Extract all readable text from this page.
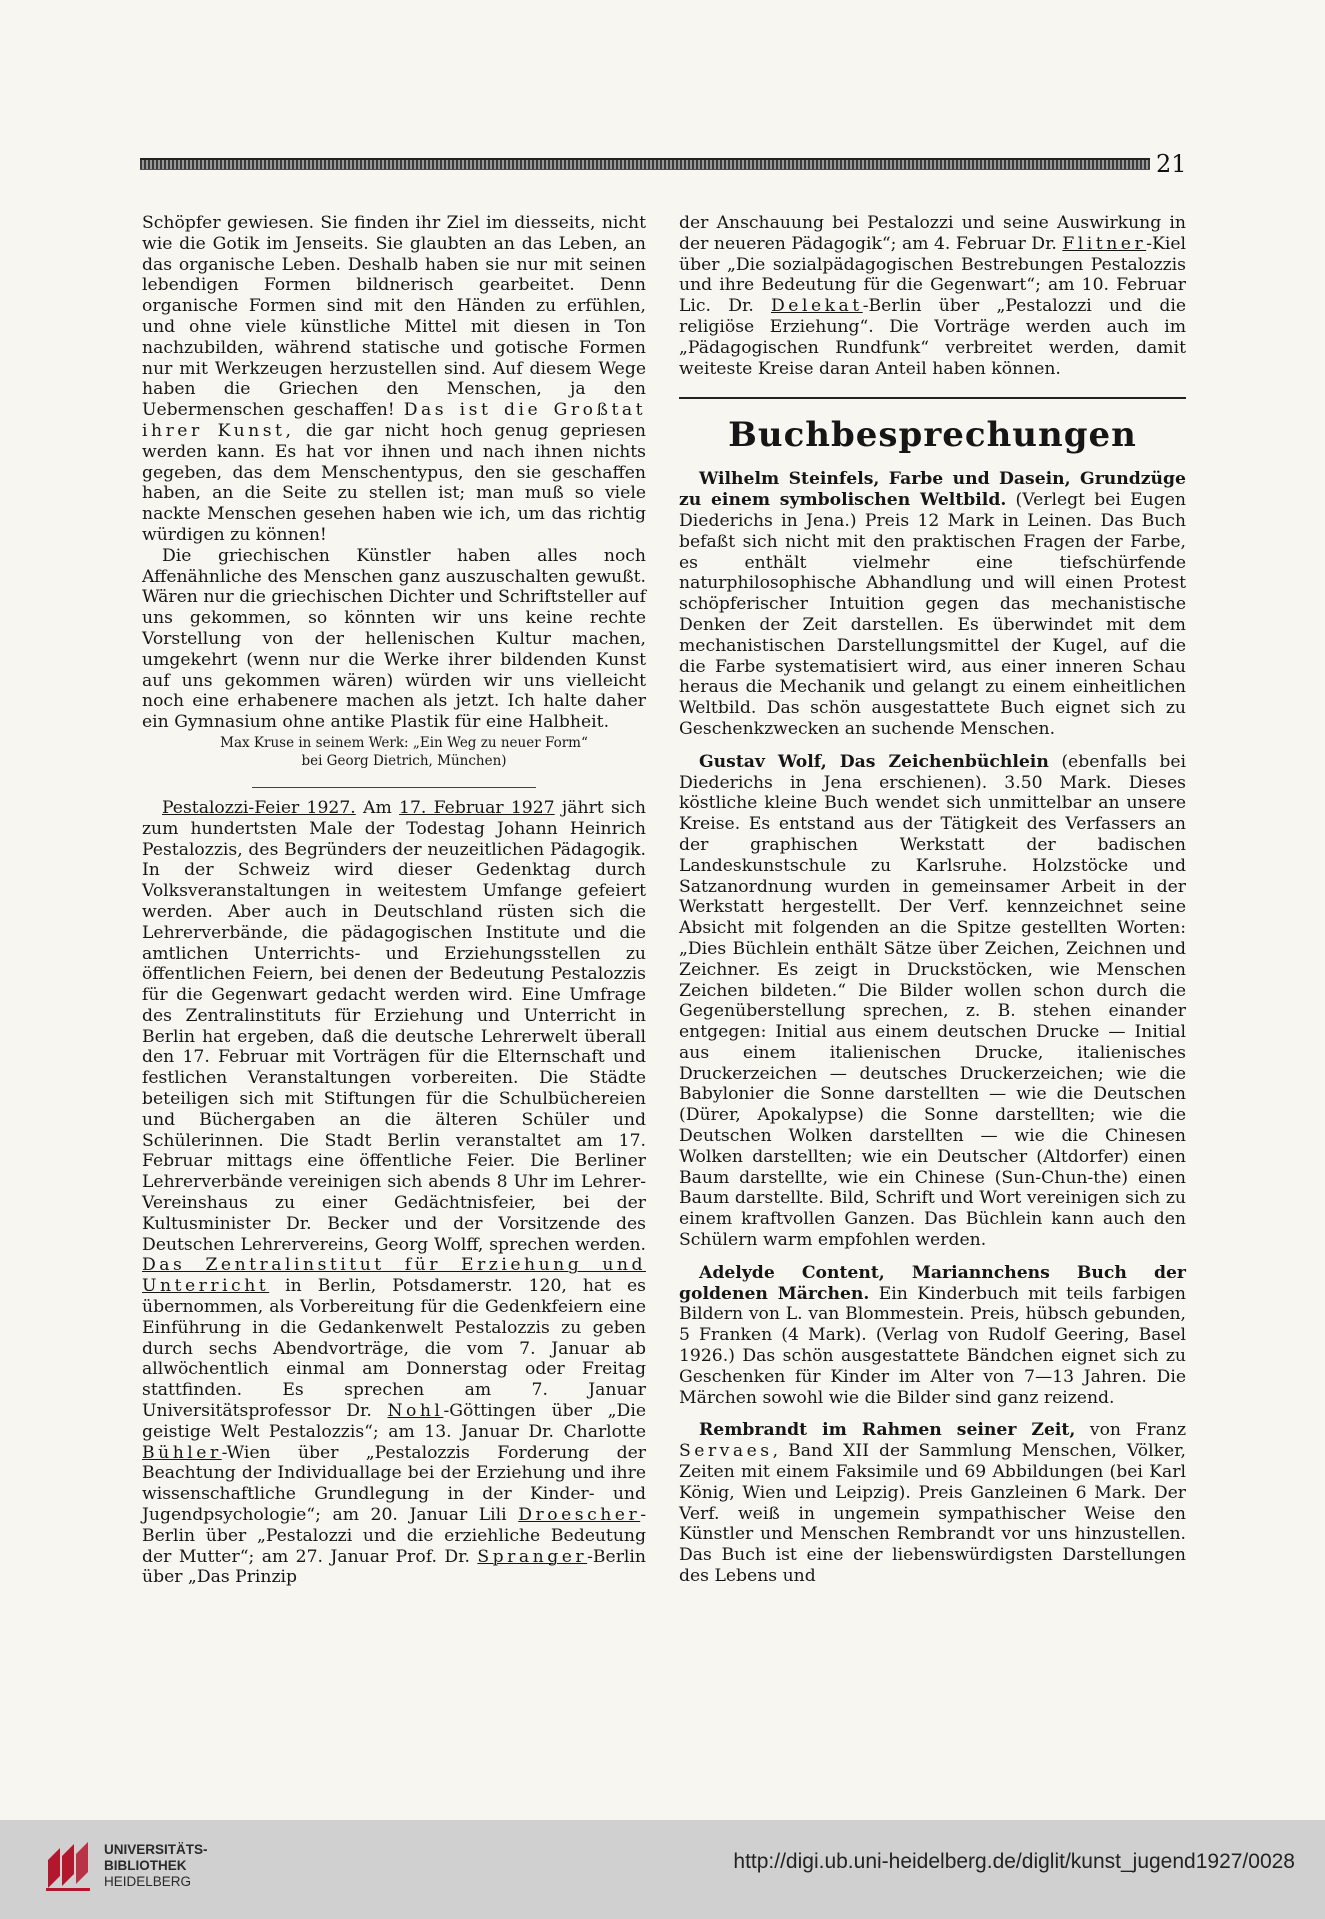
21

Schöpfer gewiesen. Sie finden ihr Ziel im diesseits, nicht wie die Gotik im Jenseits. Sie glaubten an das Leben, an das organische Leben. Deshalb haben sie nur mit seinen lebendigen Formen bildnerisch gearbeitet. Denn organische Formen sind mit den Händen zu erfühlen, und ohne viele künstliche Mittel mit diesen in Ton nachzubilden, während statische und gotische Formen nur mit Werkzeugen herzustellen sind. Auf diesem Wege haben die Griechen den Menschen, ja den Uebermenschen geschaffen! Das ist die Großtat ihrer Kunst, die gar nicht hoch genug gepriesen werden kann. Es hat vor ihnen und nach ihnen nichts gegeben, das dem Menschentypus, den sie geschaffen haben, an die Seite zu stellen ist; man muß so viele nackte Menschen gesehen haben wie ich, um das richtig würdigen zu können!

Die griechischen Künstler haben alles noch Affenähnliche des Menschen ganz auszuschalten gewußt. Wären nur die griechischen Dichter und Schriftsteller auf uns gekommen, so könnten wir uns keine rechte Vorstellung von der hellenischen Kultur machen, umgekehrt (wenn nur die Werke ihrer bildenden Kunst auf uns gekommen wären) würden wir uns vielleicht noch eine erhabenere machen als jetzt. Ich halte daher ein Gymnasium ohne antike Plastik für eine Halbheit.

Max Kruse in seinem Werk: „Ein Weg zu neuer Form“

bei Georg Dietrich, München)

Pestalozzi-Feier 1927. Am 17. Februar 1927 jährt sich zum hundertsten Male der Todestag Johann Heinrich Pestalozzis, des Begründers der neuzeitlichen Pädagogik. In der Schweiz wird dieser Gedenktag durch Volksveranstaltungen in weitestem Umfange gefeiert werden. Aber auch in Deutschland rüsten sich die Lehrerverbände, die pädagogischen Institute und die amtlichen Unterrichts- und Erziehungsstellen zu öffentlichen Feiern, bei denen der Bedeutung Pestalozzis für die Gegenwart gedacht werden wird. Eine Umfrage des Zentralinstituts für Erziehung und Unterricht in Berlin hat ergeben, daß die deutsche Lehrerwelt überall den 17. Februar mit Vorträgen für die Elternschaft und festlichen Veranstaltungen vorbereiten. Die Städte beteiligen sich mit Stiftungen für die Schulbüchereien und Büchergaben an die älteren Schüler und Schülerinnen. Die Stadt Berlin veranstaltet am 17. Februar mittags eine öffentliche Feier. Die Berliner Lehrerverbände vereinigen sich abends 8 Uhr im Lehrer-Vereinshaus zu einer Gedächtnisfeier, bei der Kultusminister Dr. Becker und der Vorsitzende des Deutschen Lehrervereins, Georg Wolff, sprechen werden. Das Zentralinstitut für Erziehung und Unterricht in Berlin, Potsdamerstr. 120, hat es übernommen, als Vorbereitung für die Gedenkfeiern eine Einführung in die Gedankenwelt Pestalozzis zu geben durch sechs Abendvorträge, die vom 7. Januar ab allwöchentlich einmal am Donnerstag oder Freitag stattfinden. Es sprechen am 7. Januar Universitätsprofessor Dr. Nohl-Göttingen über „Die geistige Welt Pestalozzis“; am 13. Januar Dr. Charlotte Bühler-Wien über „Pestalozzis Forderung der Beachtung der Individuallage bei der Erziehung und ihre wissenschaftliche Grundlegung in der Kinder- und Jugendpsychologie“; am 20. Januar Lili Droescher-Berlin über „Pestalozzi und die erziehliche Bedeutung der Mutter“; am 27. Januar Prof. Dr. Spranger-Berlin über „Das Prinzip

der Anschauung bei Pestalozzi und seine Auswirkung in der neueren Pädagogik“; am 4. Februar Dr. Flitner-Kiel über „Die sozialpädagogischen Bestrebungen Pestalozzis und ihre Bedeutung für die Gegenwart“; am 10. Februar Lic. Dr. Delekat-Berlin über „Pestalozzi und die religiöse Erziehung“. Die Vorträge werden auch im „Pädagogischen Rundfunk“ verbreitet werden, damit weiteste Kreise daran Anteil haben können.

Buchbesprechungen

Wilhelm Steinfels, Farbe und Dasein, Grundzüge zu einem symbolischen Weltbild. (Verlegt bei Eugen Diederichs in Jena.) Preis 12 Mark in Leinen. Das Buch befaßt sich nicht mit den praktischen Fragen der Farbe, es enthält vielmehr eine tiefschürfende naturphilosophische Abhandlung und will einen Protest schöpferischer Intuition gegen das mechanistische Denken der Zeit darstellen. Es überwindet mit dem mechanistischen Darstellungsmittel der Kugel, auf die die Farbe systematisiert wird, aus einer inneren Schau heraus die Mechanik und gelangt zu einem einheitlichen Weltbild. Das schön ausgestattete Buch eignet sich zu Geschenkzwecken an suchende Menschen.

Gustav Wolf, Das Zeichenbüchlein (ebenfalls bei Diederichs in Jena erschienen). 3.50 Mark. Dieses köstliche kleine Buch wendet sich unmittelbar an unsere Kreise. Es entstand aus der Tätigkeit des Verfassers an der graphischen Werkstatt der badischen Landeskunstschule zu Karlsruhe. Holzstöcke und Satzanordnung wurden in gemeinsamer Arbeit in der Werkstatt hergestellt. Der Verf. kennzeichnet seine Absicht mit folgenden an die Spitze gestellten Worten: „Dies Büchlein enthält Sätze über Zeichen, Zeichnen und Zeichner. Es zeigt in Druckstöcken, wie Menschen Zeichen bildeten.“ Die Bilder wollen schon durch die Gegenüberstellung sprechen, z. B. stehen einander entgegen: Initial aus einem deutschen Drucke — Initial aus einem italienischen Drucke, italienisches Druckerzeichen — deutsches Druckerzeichen; wie die Babylonier die Sonne darstellten — wie die Deutschen (Dürer, Apokalypse) die Sonne darstellten; wie die Deutschen Wolken darstellten — wie die Chinesen Wolken darstellten; wie ein Deutscher (Altdorfer) einen Baum darstellte, wie ein Chinese (Sun-Chun-the) einen Baum darstellte. Bild, Schrift und Wort vereinigen sich zu einem kraftvollen Ganzen. Das Büchlein kann auch den Schülern warm empfohlen werden.

Adelyde Content, Mariannchens Buch der goldenen Märchen. Ein Kinderbuch mit teils farbigen Bildern von L. van Blommestein. Preis, hübsch gebunden, 5 Franken (4 Mark). (Verlag von Rudolf Geering, Basel 1926.) Das schön ausgestattete Bändchen eignet sich zu Geschenken für Kinder im Alter von 7—13 Jahren. Die Märchen sowohl wie die Bilder sind ganz reizend.

Rembrandt im Rahmen seiner Zeit, von Franz Servaes, Band XII der Sammlung Menschen, Völker, Zeiten mit einem Faksimile und 69 Abbildungen (bei Karl König, Wien und Leipzig). Preis Ganzleinen 6 Mark. Der Verf. weiß in ungemein sympathischer Weise den Künstler und Menschen Rembrandt vor uns hinzustellen. Das Buch ist eine der liebenswürdigsten Darstellungen des Lebens und

UNIVERSITÄTS-
BIBLIOTHEK
HEIDELBERG
http://digi.ub.uni-heidelberg.de/diglit/kunst_jugend1927/0028
